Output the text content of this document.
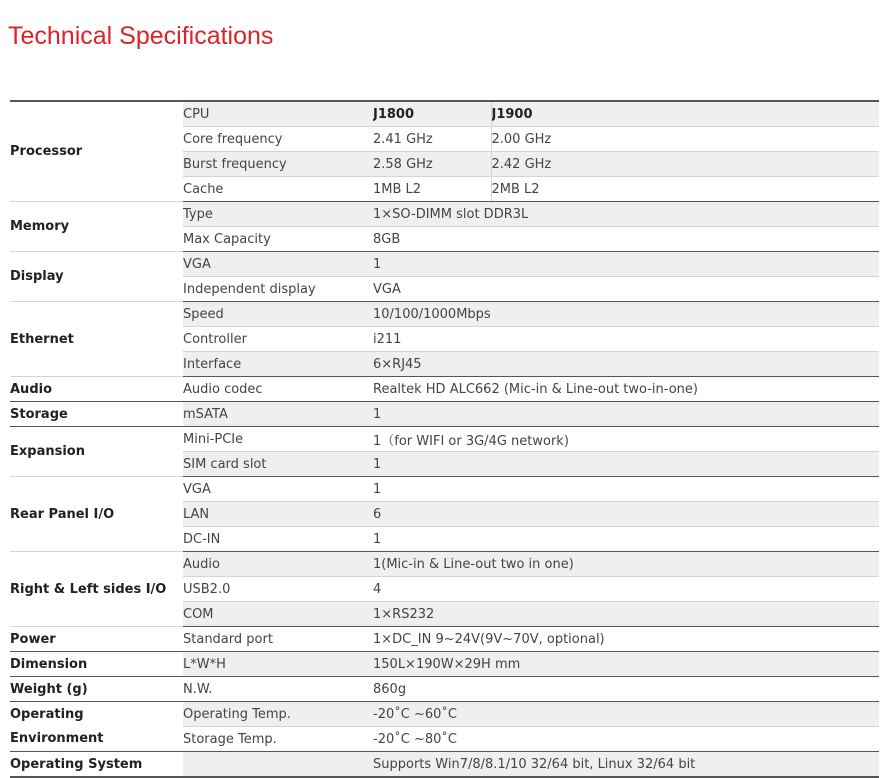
Technical Specifications
Processor	CPU	J1800	J1900
	Core frequency	2.41 GHz	2.00 GHz
	Burst frequency	2.58 GHz	2.42 GHz
	Cache	1MB L2	2MB L2
Memory	Type	1×SO-DIMM slot DDR3L	
	Max Capacity	8GB	
Display	VGA	1	
	Independent display	VGA	
Ethernet	Speed	10/100/1000Mbps	
	Controller	i211	
	Interface	6×RJ45	
Audio	Audio codec	Realtek HD ALC662 (Mic-in & Line-out two-in-one)	
Storage	mSATA	1	
Expansion	Mini-PCIe	1（for WIFI or 3G/4G network)	
	SIM card slot	1	
Rear Panel I/O	VGA	1	
	LAN	6	
	DC-IN	1	
Right & Left sides I/O	Audio	1(Mic-in & Line-out two in one)	
	USB2.0	4	
	COM	1×RS232	
Power	Standard port	1×DC_IN 9~24V(9V~70V, optional)	
Dimension	L*W*H	150L×190W×29H mm	
Weight (g)	N.W.	860g	
Operating	Operating Temp.	-20˚C ~60˚C	
Environment	Storage Temp.	-20˚C ~80˚C	
Operating System		Supports Win7/8/8.1/10 32/64 bit, Linux 32/64 bit	
